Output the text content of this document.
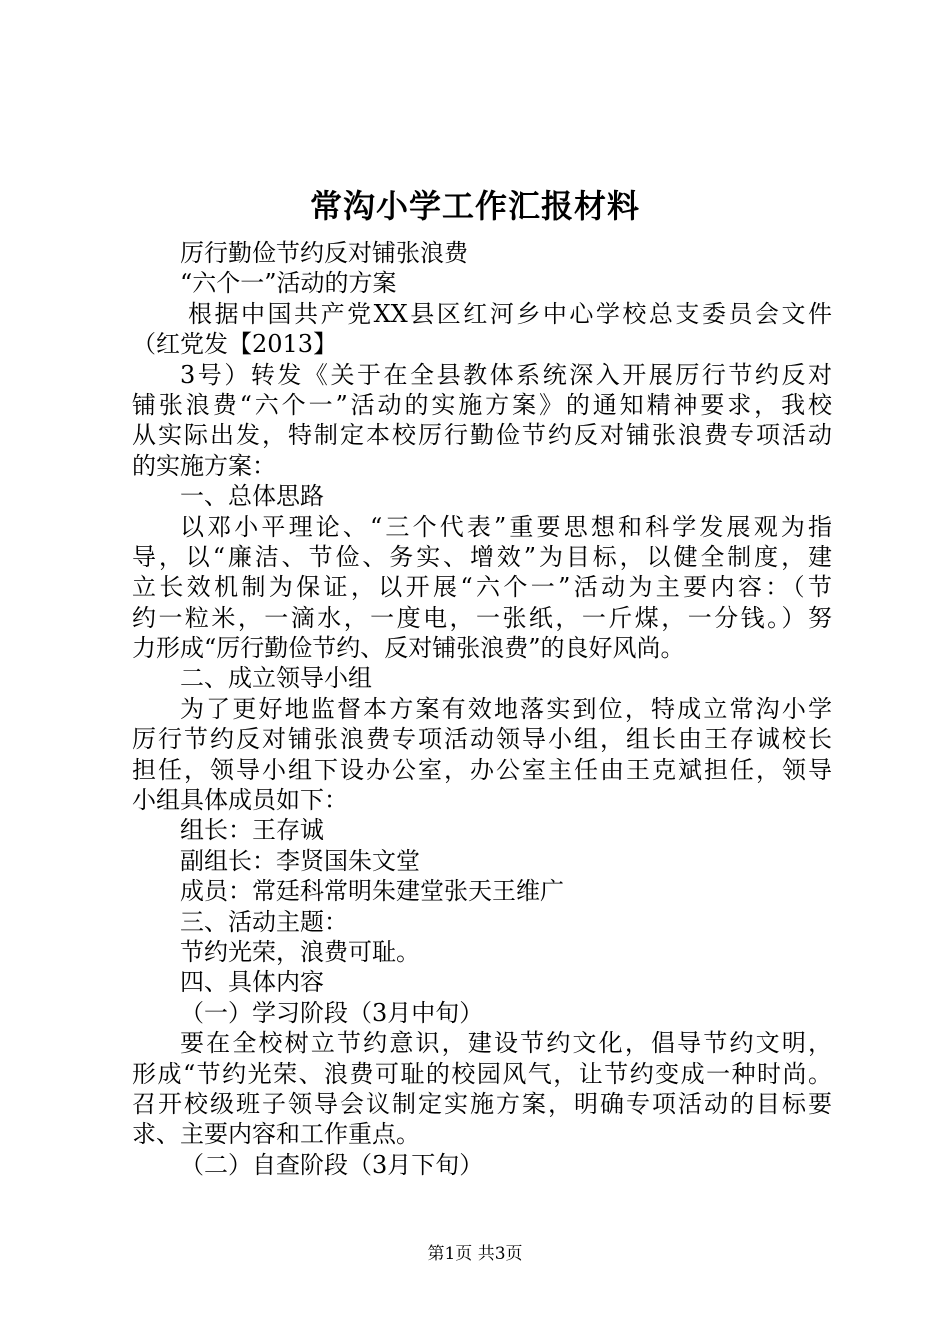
常沟小学工作汇报材料
厉行勤俭节约反对铺张浪费
“六个一”活动的方案
根据中国共产党XX县区红河乡中心学校总支委员会文件
（红党发【2013】
3号）转发《关于在全县教体系统深入开展厉行节约反对
铺张浪费“六个一”活动的实施方案》的通知精神要求，我校
从实际出发，特制定本校厉行勤俭节约反对铺张浪费专项活动
的实施方案：
一、总体思路
以邓小平理论、“三个代表”重要思想和科学发展观为指
导，以“廉洁、节俭、务实、增效”为目标，以健全制度，建
立长效机制为保证，以开展“六个一”活动为主要内容：（节
约一粒米，一滴水，一度电，一张纸，一斤煤，一分钱。）努
力形成“厉行勤俭节约、反对铺张浪费”的良好风尚。
二、成立领导小组
为了更好地监督本方案有效地落实到位，特成立常沟小学
厉行节约反对铺张浪费专项活动领导小组，组长由王存诚校长
担任，领导小组下设办公室，办公室主任由王克斌担任，领导
小组具体成员如下：
组长：王存诚
副组长：李贤国朱文堂
成员：常廷科常明朱建堂张天王维广
三、活动主题：
节约光荣，浪费可耻。
四、具体内容
（一）学习阶段（3月中旬）
要在全校树立节约意识，建设节约文化，倡导节约文明，
形成“节约光荣、浪费可耻的校园风气，让节约变成一种时尚。
召开校级班子领导会议制定实施方案，明确专项活动的目标要
求、主要内容和工作重点。
（二）自查阶段（3月下旬）
第1页 共3页
